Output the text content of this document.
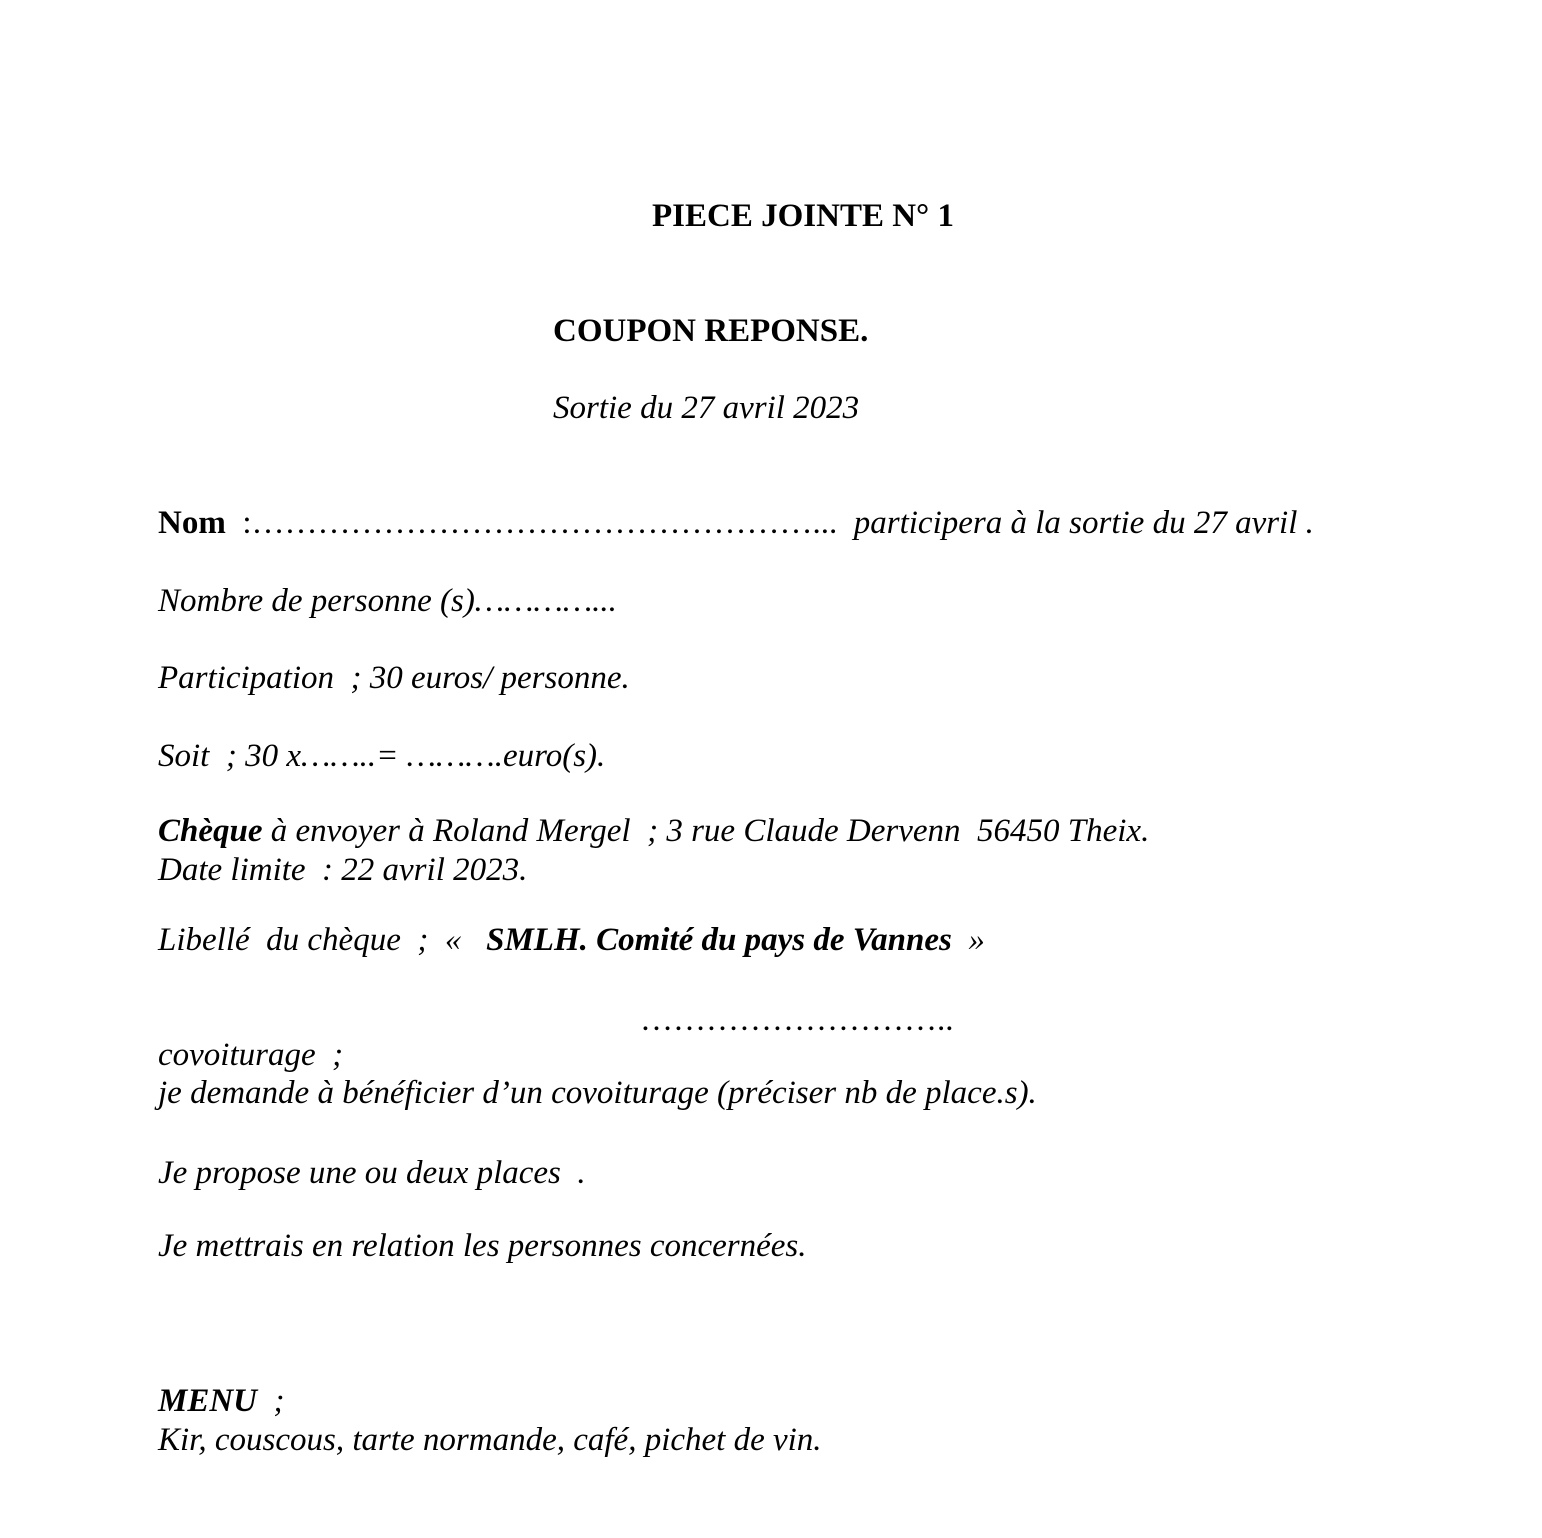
PIECE JOINTE N° 1

COUPON REPONSE.

Sortie du 27 avril 2023

Nom  :……………………………………………...  participera à la sortie du 27 avril .

Nombre de personne (s)…………...

Participation  ; 30 euros/ personne.

Soit  ; 30 x……..= ……….euro(s).

Chèque à envoyer à Roland Mergel  ; 3 rue Claude Dervenn  56450 Theix.

Date limite  : 22 avril 2023.

Libellé  du chèque  ;  «   SMLH. Comité du pays de Vannes  »

………………………..

covoiturage  ;

je demande à bénéficier d’un covoiturage (préciser nb de place.s).

Je propose une ou deux places  .

Je mettrais en relation les personnes concernées.

MENU  ;

Kir, couscous, tarte normande, café, pichet de vin.
